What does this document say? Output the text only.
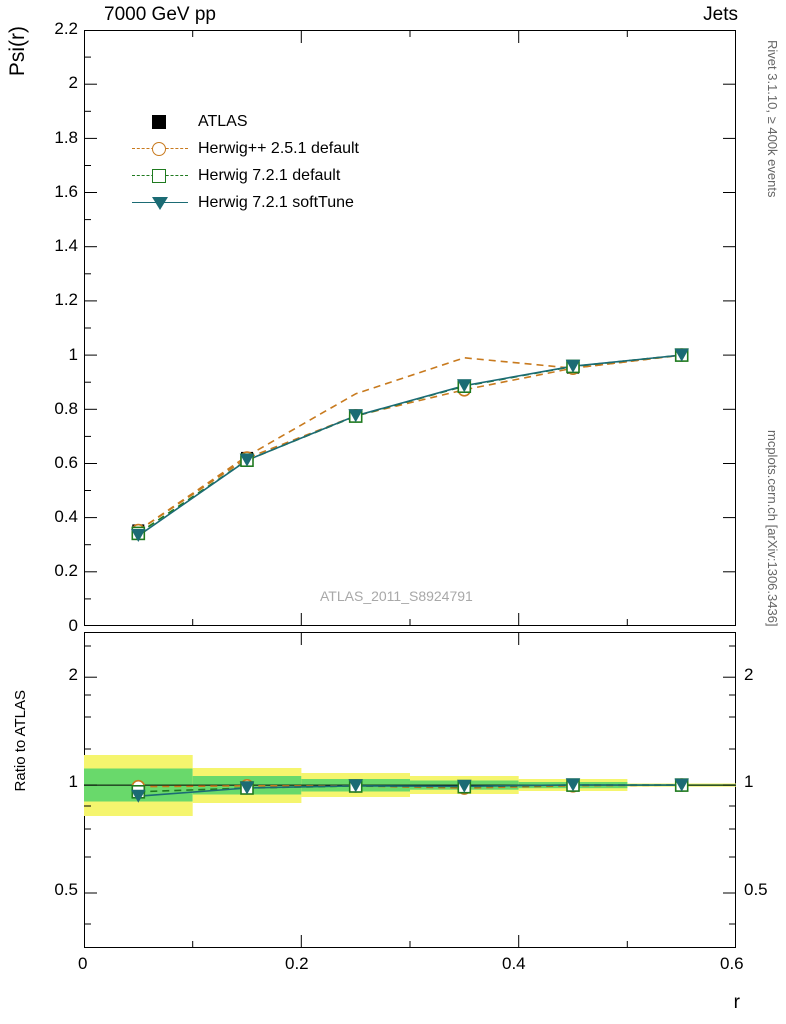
7000 GeV pp	Jets
Rivet 3.1.10, ≥ 400k events
mcplots.cern.ch [arXiv:1306.3436]
Psi(r)
Ratio to ATLAS
r
0
0.2
0.4
0.6
0.8
1
1.2
1.4
1.6
1.8
2
2.2
ATLAS
Herwig++ 2.5.1 default
Herwig 7.2.1 default
Herwig 7.2.1 softTune
ATLAS_2011_S8924791
0.5
1
2
0.5
1
2
0	0.2	0.4	0.6
